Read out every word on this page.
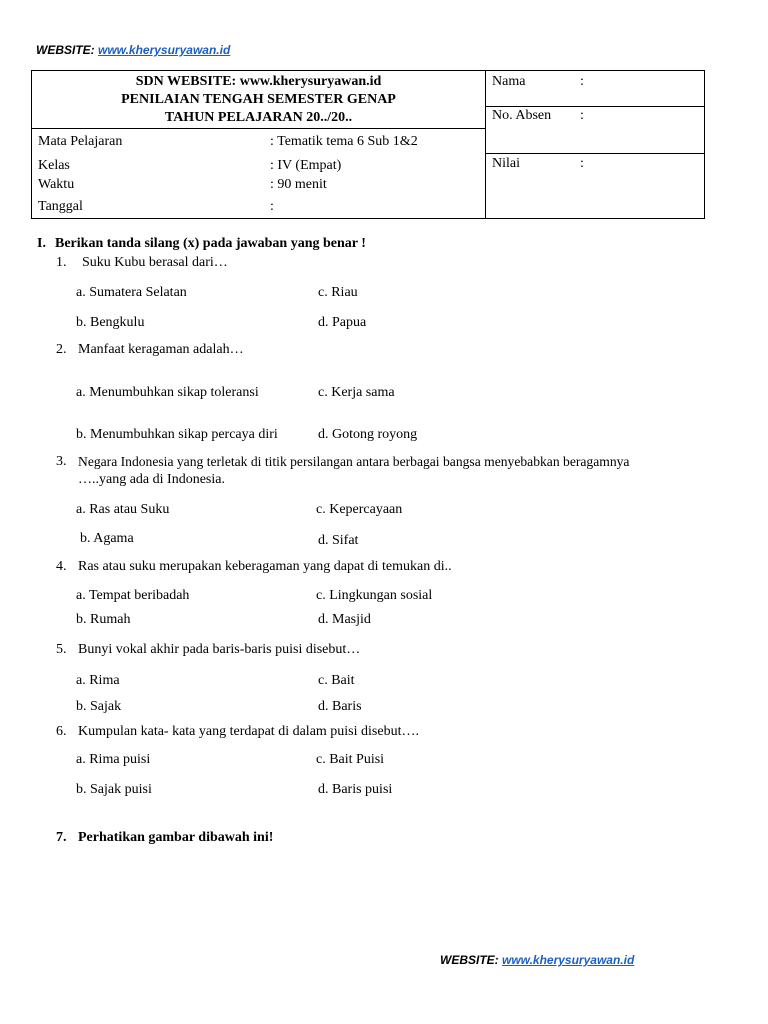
WEBSITE: www.kherysuryawan.id
SDN WEBSITE: www.kherysuryawan.id
PENILAIAN TENGAH SEMESTER GENAP
TAHUN PELAJARAN 20../20..
Nama	:
No. Absen :
Nilai	:
Mata Pelajaran	: Tematik tema 6 Sub 1&2
Kelas	: IV (Empat)
Waktu	: 90 menit
Tanggal	:
I. Berikan tanda silang (x) pada jawaban yang benar !
1. Suku Kubu berasal dari…
a. Sumatera Selatan	c. Riau
b. Bengkulu	d. Papua
2. Manfaat keragaman adalah…
a. Menumbuhkan sikap toleransi	c. Kerja sama
b. Menumbuhkan sikap percaya diri	d. Gotong royong
3. Negara Indonesia yang terletak di titik persilangan antara berbagai bangsa menyebabkan beragamnya
…..yang ada di Indonesia.
a. Ras atau Suku	c. Kepercayaan
b. Agama	d. Sifat
4. Ras atau suku merupakan keberagaman yang dapat di temukan di..
a. Tempat beribadah	c. Lingkungan sosial
b. Rumah	d. Masjid
5. Bunyi vokal akhir pada baris-baris puisi disebut…
a. Rima	c. Bait
b. Sajak	d. Baris
6. Kumpulan kata- kata yang terdapat di dalam puisi disebut….
a. Rima puisi	c. Bait Puisi
b. Sajak puisi	d. Baris puisi
7. Perhatikan gambar dibawah ini!
WEBSITE: www.kherysuryawan.id
